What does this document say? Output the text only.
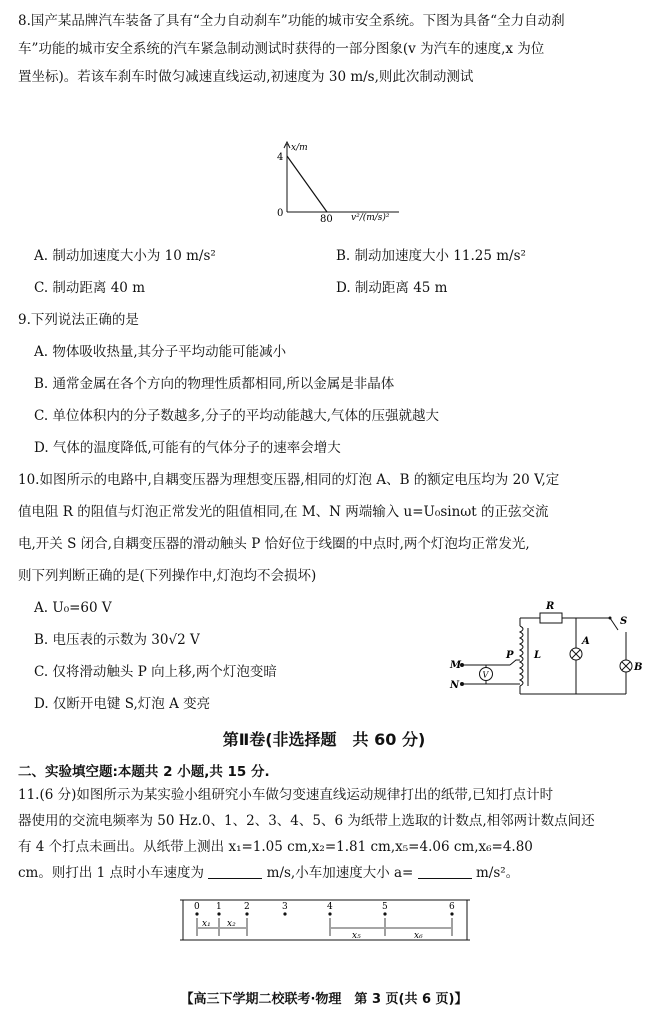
8.国产某品牌汽车装备了具有“全力自动刹车”功能的城市安全系统。下图为具备“全力自动刹
车”功能的城市安全系统的汽车紧急制动测试时获得的一部分图象(v 为汽车的速度,x 为位
置坐标)。若该车刹车时做匀减速直线运动,初速度为 30 m/s,则此次制动测试
x/m
4
0
80 v²/(m/s)²
A. 制动加速度大小为 10 m/s²	B. 制动加速度大小 11.25 m/s²
C. 制动距离 40 m	D. 制动距离 45 m
9.下列说法正确的是
A. 物体吸收热量,其分子平均动能可能减小
B. 通常金属在各个方向的物理性质都相同,所以金属是非晶体
C. 单位体积内的分子数越多,分子的平均动能越大,气体的压强就越大
D. 气体的温度降低,可能有的气体分子的速率会增大
10.如图所示的电路中,自耦变压器为理想变压器,相同的灯泡 A、B 的额定电压均为 20 V,定
值电阻 R 的阻值与灯泡正常发光的阻值相同,在 M、N 两端输入 u=U₀sinωt 的正弦交流
电,开关 S 闭合,自耦变压器的滑动触头 P 恰好位于线圈的中点时,两个灯泡均正常发光,
则下列判断正确的是(下列操作中,灯泡均不会损坏)
A. U₀=60 V
B. 电压表的示数为 30√2 V
C. 仅将滑动触头 P 向上移,两个灯泡变暗
D. 仅断开电键 S,灯泡 A 变亮
R
A
S
B
L
P
M
N
V
第Ⅱ卷(非选择题　共 60 分)
二、实验填空题:本题共 2 小题,共 15 分.
11.(6 分)如图所示为某实验小组研究小车做匀变速直线运动规律打出的纸带,已知打点计时
器使用的交流电频率为 50 Hz.0、1、2、3、4、5、6 为纸带上选取的计数点,相邻两计数点间还
有 4 个打点未画出。从纸带上测出 x₁=1.05 cm,x₂=1.81 cm,x₅=4.06 cm,x₆=4.80
cm。则打出 1 点时小车速度为	m/s,小车加速度大小 a=	m/s²。
0 1 2	3	4	5	6
x₁ x₂
x₅	x₆
【高三下学期二校联考·物理　第 3 页(共 6 页)】
